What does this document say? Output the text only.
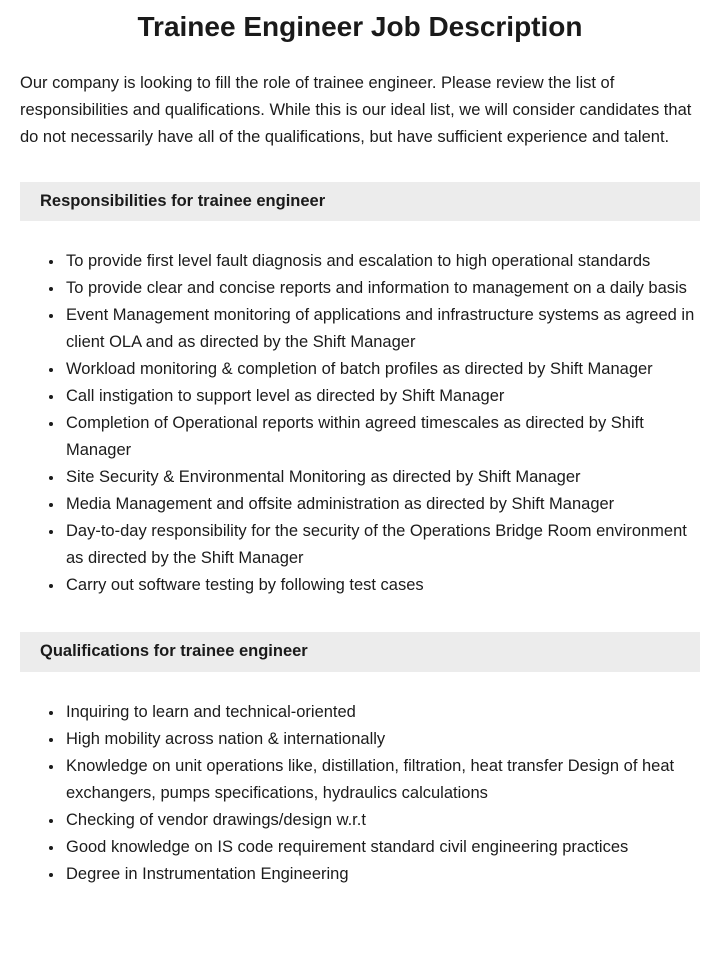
Trainee Engineer Job Description

Our company is looking to fill the role of trainee engineer. Please review the list of responsibilities and qualifications. While this is our ideal list, we will consider candidates that do not necessarily have all of the qualifications, but have sufficient experience and talent.

Responsibilities for trainee engineer
• To provide first level fault diagnosis and escalation to high operational standards
• To provide clear and concise reports and information to management on a daily basis
• Event Management monitoring of applications and infrastructure systems as agreed in client OLA and as directed by the Shift Manager
• Workload monitoring & completion of batch profiles as directed by Shift Manager
• Call instigation to support level as directed by Shift Manager
• Completion of Operational reports within agreed timescales as directed by Shift Manager
• Site Security & Environmental Monitoring as directed by Shift Manager
• Media Management and offsite administration as directed by Shift Manager
• Day-to-day responsibility for the security of the Operations Bridge Room environment as directed by the Shift Manager
• Carry out software testing by following test cases
Qualifications for trainee engineer
• Inquiring to learn and technical-oriented
• High mobility across nation & internationally
• Knowledge on unit operations like, distillation, filtration, heat transfer Design of heat exchangers, pumps specifications, hydraulics calculations
• Checking of vendor drawings/design w.r.t
• Good knowledge on IS code requirement standard civil engineering practices
• Degree in Instrumentation Engineering
